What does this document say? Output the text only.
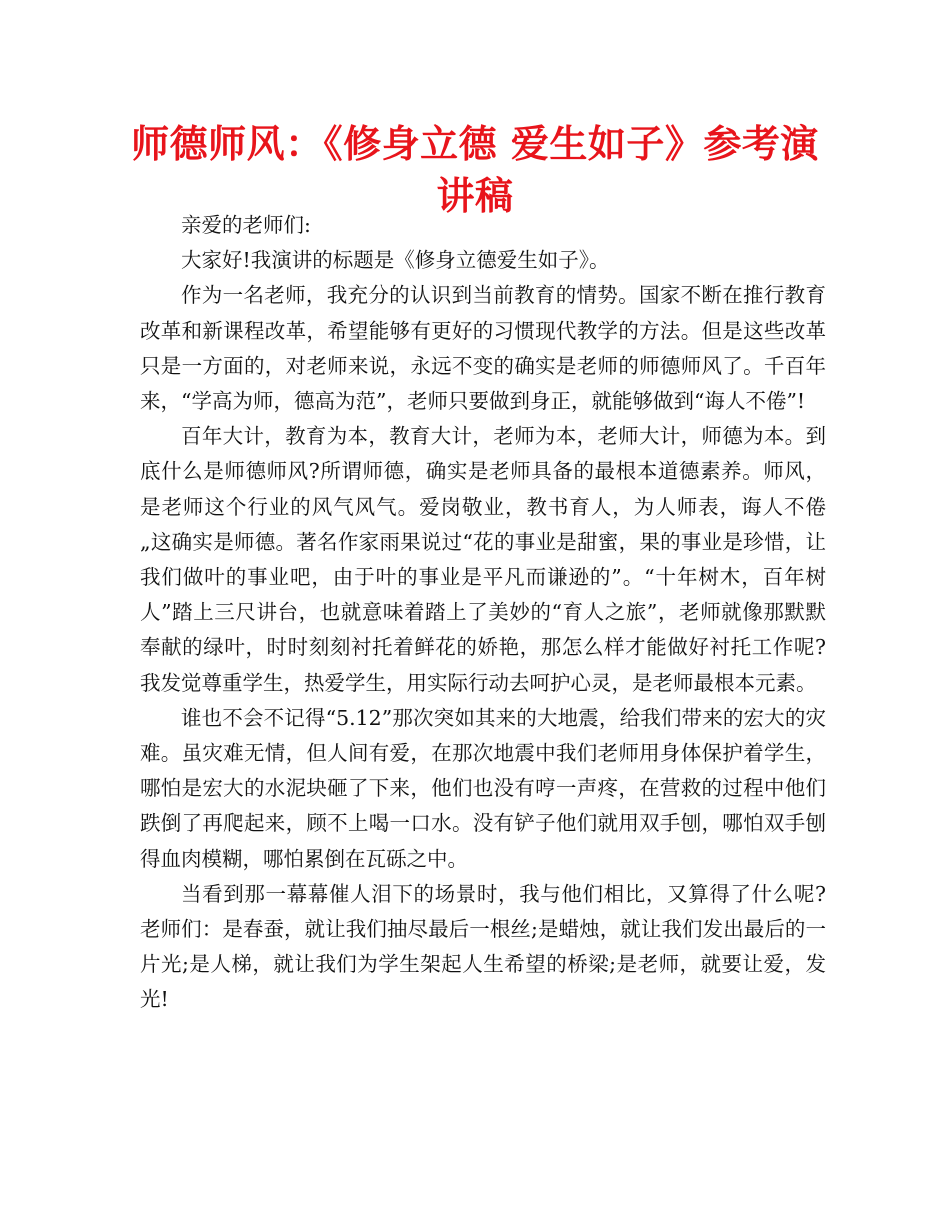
师德师风：《修身立德 爱生如子》参考演讲稿

亲爱的老师们:

大家好!我演讲的标题是《修身立德爱生如子》。

作为一名老师，我充分的认识到当前教育的情势。国家不断在推行教育改革和新课程改革，希望能够有更好的习惯现代教学的方法。但是这些改革只是一方面的，对老师来说，永远不变的确实是老师的师德师风了。千百年来，“学高为师，德高为范”，老师只要做到身正，就能够做到“诲人不倦”!

百年大计，教育为本，教育大计，老师为本，老师大计，师德为本。到底什么是师德师风?所谓师德，确实是老师具备的最根本道德素养。师风，是老师这个行业的风气风气。爱岗敬业，教书育人，为人师表，诲人不倦„这确实是师德。著名作家雨果说过“花的事业是甜蜜，果的事业是珍惜，让我们做叶的事业吧，由于叶的事业是平凡而谦逊的”。“十年树木，百年树人”踏上三尺讲台，也就意味着踏上了美妙的“育人之旅”，老师就像那默默奉献的绿叶，时时刻刻衬托着鲜花的娇艳，那怎么样才能做好衬托工作呢?我发觉尊重学生，热爱学生，用实际行动去呵护心灵，是老师最根本元素。

谁也不会不记得“5.12”那次突如其来的大地震，给我们带来的宏大的灾难。虽灾难无情，但人间有爱，在那次地震中我们老师用身体保护着学生，哪怕是宏大的水泥块砸了下来，他们也没有哼一声疼，在营救的过程中他们跌倒了再爬起来，顾不上喝一口水。没有铲子他们就用双手刨，哪怕双手刨得血肉模糊，哪怕累倒在瓦砾之中。

当看到那一幕幕催人泪下的场景时，我与他们相比，又算得了什么呢?老师们：是春蚕，就让我们抽尽最后一根丝;是蜡烛，就让我们发出最后的一片光;是人梯，就让我们为学生架起人生希望的桥梁;是老师，就要让爱，发光!
